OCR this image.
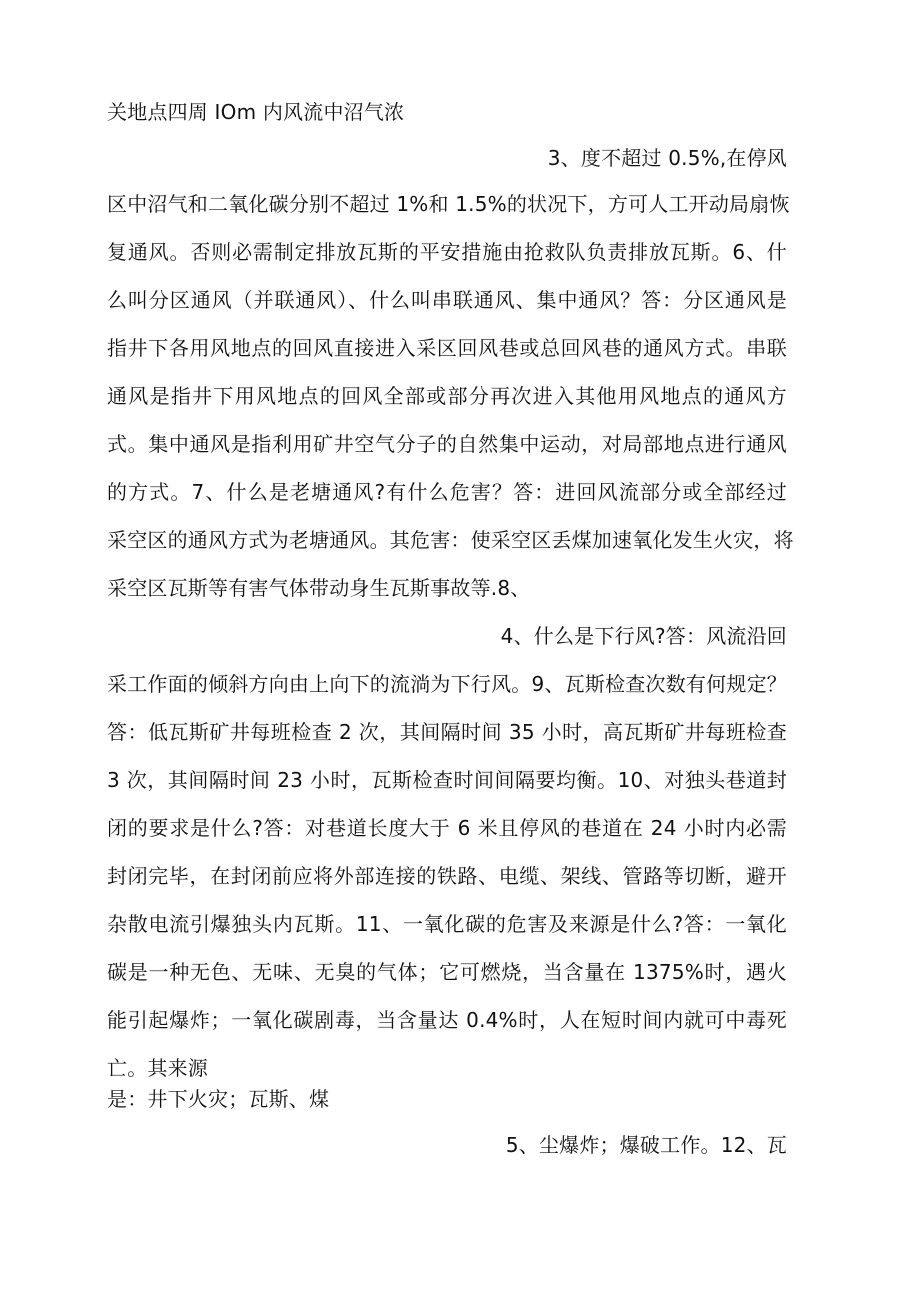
关地点四周 IOm 内风流中沼气浓
3、度不超过 0.5%,在停风
区中沼气和二氧化碳分别不超过 1%和 1.5%的状况下，方可人工开动局扇恢
复通风。否则必需制定排放瓦斯的平安措施由抢救队负责排放瓦斯。6、什
么叫分区通风（并联通风）、什么叫串联通风、集中通风？答：分区通风是
指井下各用风地点的回风直接进入采区回风巷或总回风巷的通风方式。串联
通风是指井下用风地点的回风全部或部分再次进入其他用风地点的通风方
式。集中通风是指利用矿井空气分子的自然集中运动，对局部地点进行通风
的方式。7、什么是老塘通风?有什么危害？答：进回风流部分或全部经过
采空区的通风方式为老塘通风。其危害：使采空区丢煤加速氧化发生火灾，将
采空区瓦斯等有害气体带动身生瓦斯事故等.8、
4、什么是下行风?答：风流沿回
采工作面的倾斜方向由上向下的流淌为下行风。9、瓦斯检查次数有何规定？
答：低瓦斯矿井每班检查 2 次，其间隔时间 35 小时，高瓦斯矿井每班检查
3 次，其间隔时间 23 小时，瓦斯检查时间间隔要均衡。10、对独头巷道封
闭的要求是什么?答：对巷道长度大于 6 米且停风的巷道在 24 小时内必需
封闭完毕，在封闭前应将外部连接的铁路、电缆、架线、管路等切断，避开
杂散电流引爆独头内瓦斯。11、一氧化碳的危害及来源是什么?答：一氧化
碳是一种无色、无味、无臭的气体；它可燃烧，当含量在 1375%时，遇火
能引起爆炸；一氧化碳剧毒，当含量达 0.4%时，人在短时间内就可中毒死
亡。其来源
是：井下火灾；瓦斯、煤
5、尘爆炸；爆破工作。12、瓦
